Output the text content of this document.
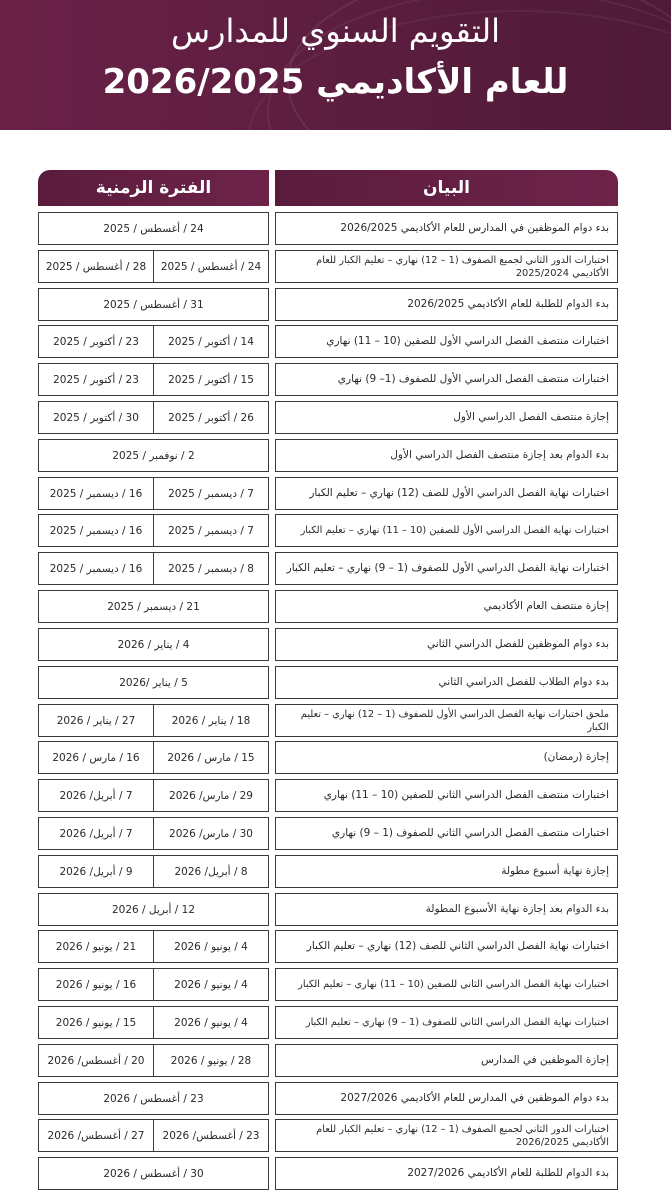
التقويم السنوي للمدارس
للعام الأكاديمي 2026/2025
البيان
الفترة الزمنية
بدء دوام الموظفين في المدارس للعام الأكاديمي 2026/2025
24 / أغسطس / 2025
اختبارات الدور الثاني لجميع الصفوف (1 – 12) نهاري – تعليم الكبار للعام الأكاديمي 2025/2024
24 / أغسطس / 2025
28 / أغسطس / 2025
بدء الدوام للطلبة للعام الأكاديمي 2026/2025
31 / أغسطس / 2025
اختبارات منتصف الفصل الدراسي الأول للصفين (10 – 11) نهاري
14 / أكتوبر / 2025
23 / أكتوبر / 2025
اختبارات منتصف الفصل الدراسي الأول للصفوف (1– 9) نهاري
15 / أكتوبر / 2025
23 / أكتوبر / 2025
إجازة منتصف الفصل الدراسي الأول
26 / أكتوبر / 2025
30 / أكتوبر / 2025
بدء الدوام بعد إجازة منتصف الفصل الدراسي الأول
2 / نوفمبر / 2025
اختبارات نهاية الفصل الدراسي الأول للصف (12) نهاري – تعليم الكبار
7 / ديسمبر / 2025
16 / ديسمبر / 2025
اختبارات نهاية الفصل الدراسي الأول للصفين (10 – 11) نهاري – تعليم الكبار
7 / ديسمبر / 2025
16 / ديسمبر / 2025
اختبارات نهاية الفصل الدراسي الأول للصفوف (1 – 9) نهاري – تعليم الكبار
8 / ديسمبر / 2025
16 / ديسمبر / 2025
إجازة منتصف العام الأكاديمي
21 / ديسمبر / 2025
بدء دوام الموظفين للفصل الدراسي الثاني
4 / يناير / 2026
بدء دوام الطلاب للفصل الدراسي الثاني
5 / يناير /2026
ملحق اختبارات نهاية الفصل الدراسي الأول للصفوف (1 – 12) نهاري – تعليم الكبار
18 / يناير / 2026
27 / يناير / 2026
إجازة (رمضان)
15 / مارس / 2026
16 / مارس / 2026
اختبارات منتصف الفصل الدراسي الثاني للصفين (10 – 11) نهاري
29 / مارس/ 2026
7 / أبريل/ 2026
اختبارات منتصف الفصل الدراسي الثاني للصفوف (1 – 9) نهاري
30 / مارس/ 2026
7 / أبريل/ 2026
إجازة نهاية أسبوع مطولة
8 / أبريل/ 2026
9 / أبريل/ 2026
بدء الدوام بعد إجازة نهاية الأسبوع المطولة
12 / أبريل / 2026
اختبارات نهاية الفصل الدراسي الثاني للصف (12) نهاري – تعليم الكبار
4 / يونيو / 2026
21 / يونيو / 2026
اختبارات نهاية الفصل الدراسي الثاني للصفين (10 – 11) نهاري – تعليم الكبار
4 / يونيو / 2026
16 / يونيو / 2026
اختبارات نهاية الفصل الدراسي الثاني للصفوف (1 – 9) نهاري – تعليم الكبار
4 / يونيو / 2026
15 / يونيو / 2026
إجازة الموظفين في المدارس
28 / يونيو / 2026
20 / أغسطس/ 2026
بدء دوام الموظفين في المدارس للعام الأكاديمي 2027/2026
23 / أغسطس / 2026
اختبارات الدور الثاني لجميع الصفوف (1 – 12) نهاري – تعليم الكبار للعام الأكاديمي 2026/2025
23 / أغسطس/ 2026
27 / أغسطس/ 2026
بدء الدوام للطلبة للعام الأكاديمي 2027/2026
30 / أغسطس / 2026
